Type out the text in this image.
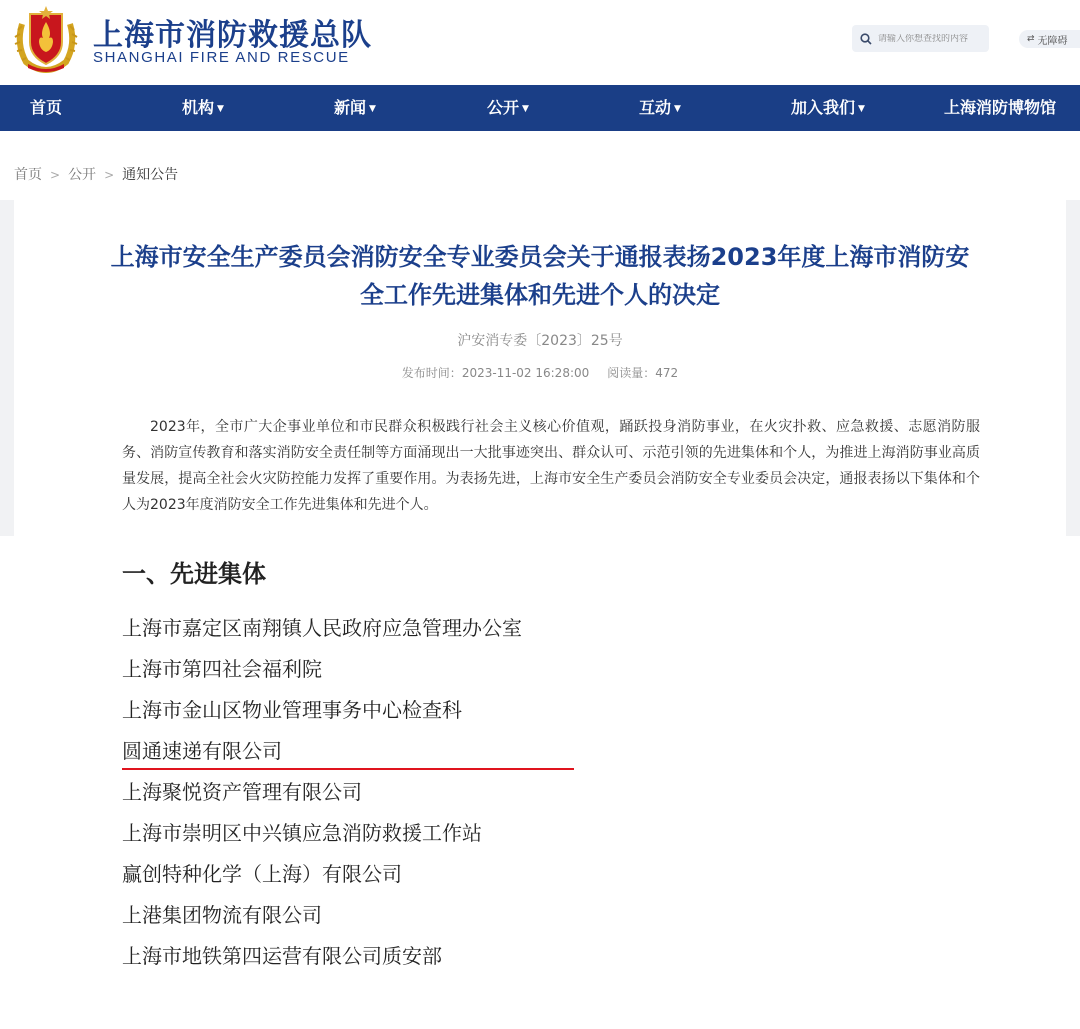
上海市消防救援总队
SHANGHAI FIRE AND RESCUE
请输入你想查找的内容
⇄ 无障碍
首页	机构 ▼	新闻 ▼	公开 ▼	互动 ▼	加入我们 ▼	上海消防博物馆
首页 > 公开 > 通知公告
上海市安全生产委员会消防安全专业委员会关于通报表扬2023年度上海市消防安全工作先进集体和先进个人的决定
沪安消专委〔2023〕25号
发布时间：2023-11-02 16:28:00 阅读量：472

2023年，全市广大企事业单位和市民群众积极践行社会主义核心价值观，踊跃投身消防事业，在火灾扑救、应急救援、志愿消防服务、消防宣传教育和落实消防安全责任制等方面涌现出一大批事迹突出、群众认可、示范引领的先进集体和个人，为推进上海消防事业高质量发展，提高全社会火灾防控能力发挥了重要作用。为表扬先进，上海市安全生产委员会消防安全专业委员会决定，通报表扬以下集体和个人为2023年度消防安全工作先进集体和先进个人。

一、先进集体
上海市嘉定区南翔镇人民政府应急管理办公室
上海市第四社会福利院
上海市金山区物业管理事务中心检查科
圆通速递有限公司
上海聚悦资产管理有限公司
上海市崇明区中兴镇应急消防救援工作站
赢创特种化学（上海）有限公司
上港集团物流有限公司
上海市地铁第四运营有限公司质安部
